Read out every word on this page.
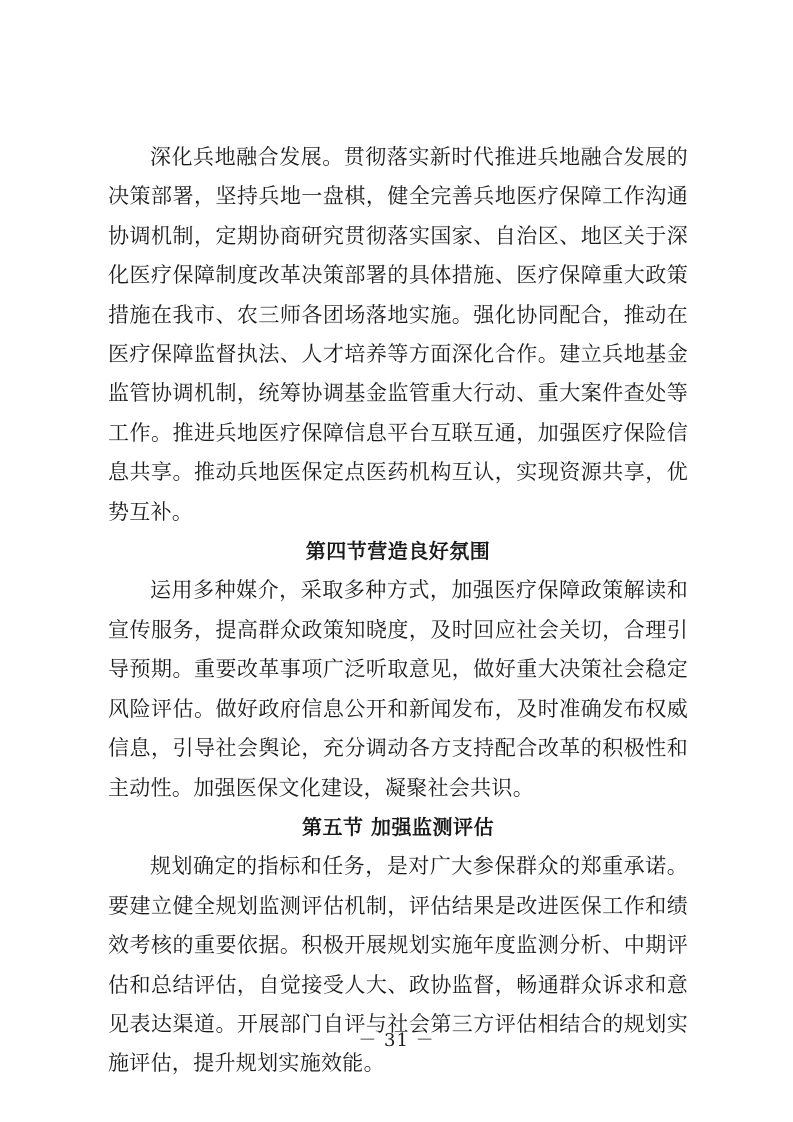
深化兵地融合发展。贯彻落实新时代推进兵地融合发展的决策部署，坚持兵地一盘棋，健全完善兵地医疗保障工作沟通协调机制，定期协商研究贯彻落实国家、自治区、地区关于深化医疗保障制度改革决策部署的具体措施、医疗保障重大政策措施在我市、农三师各团场落地实施。强化协同配合，推动在医疗保障监督执法、人才培养等方面深化合作。建立兵地基金监管协调机制，统筹协调基金监管重大行动、重大案件查处等工作。推进兵地医疗保障信息平台互联互通，加强医疗保险信息共享。推动兵地医保定点医药机构互认，实现资源共享，优势互补。

第四节营造良好氛围

运用多种媒介，采取多种方式，加强医疗保障政策解读和宣传服务，提高群众政策知晓度，及时回应社会关切，合理引导预期。重要改革事项广泛听取意见，做好重大决策社会稳定风险评估。做好政府信息公开和新闻发布，及时准确发布权威信息，引导社会舆论，充分调动各方支持配合改革的积极性和主动性。加强医保文化建设，凝聚社会共识。

第五节 加强监测评估

规划确定的指标和任务，是对广大参保群众的郑重承诺。要建立健全规划监测评估机制，评估结果是改进医保工作和绩效考核的重要依据。积极开展规划实施年度监测分析、中期评估和总结评估，自觉接受人大、政协监督，畅通群众诉求和意见表达渠道。开展部门自评与社会第三方评估相结合的规划实施评估，提升规划实施效能。

－ 31 －
